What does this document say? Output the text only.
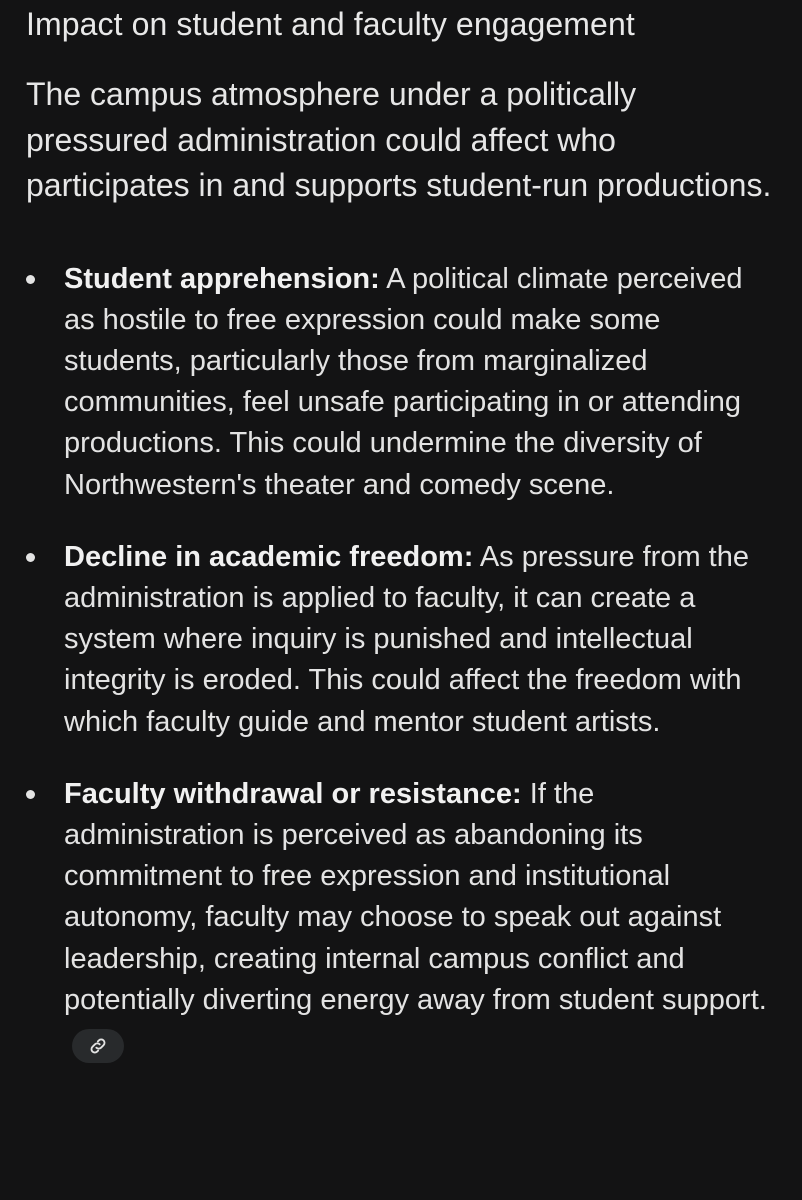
Impact on student and faculty engagement

The campus atmosphere under a politically pressured administration could affect who participates in and supports student-run productions.

Student apprehension: A political climate perceived as hostile to free expression could make some students, particularly those from marginalized communities, feel unsafe participating in or attending productions. This could undermine the diversity of Northwestern's theater and comedy scene.
Decline in academic freedom: As pressure from the administration is applied to faculty, it can create a system where inquiry is punished and intellectual integrity is eroded. This could affect the freedom with which faculty guide and mentor student artists.
Faculty withdrawal or resistance: If the administration is perceived as abandoning its commitment to free expression and institutional autonomy, faculty may choose to speak out against leadership, creating internal campus conflict and potentially diverting energy away from student support.
